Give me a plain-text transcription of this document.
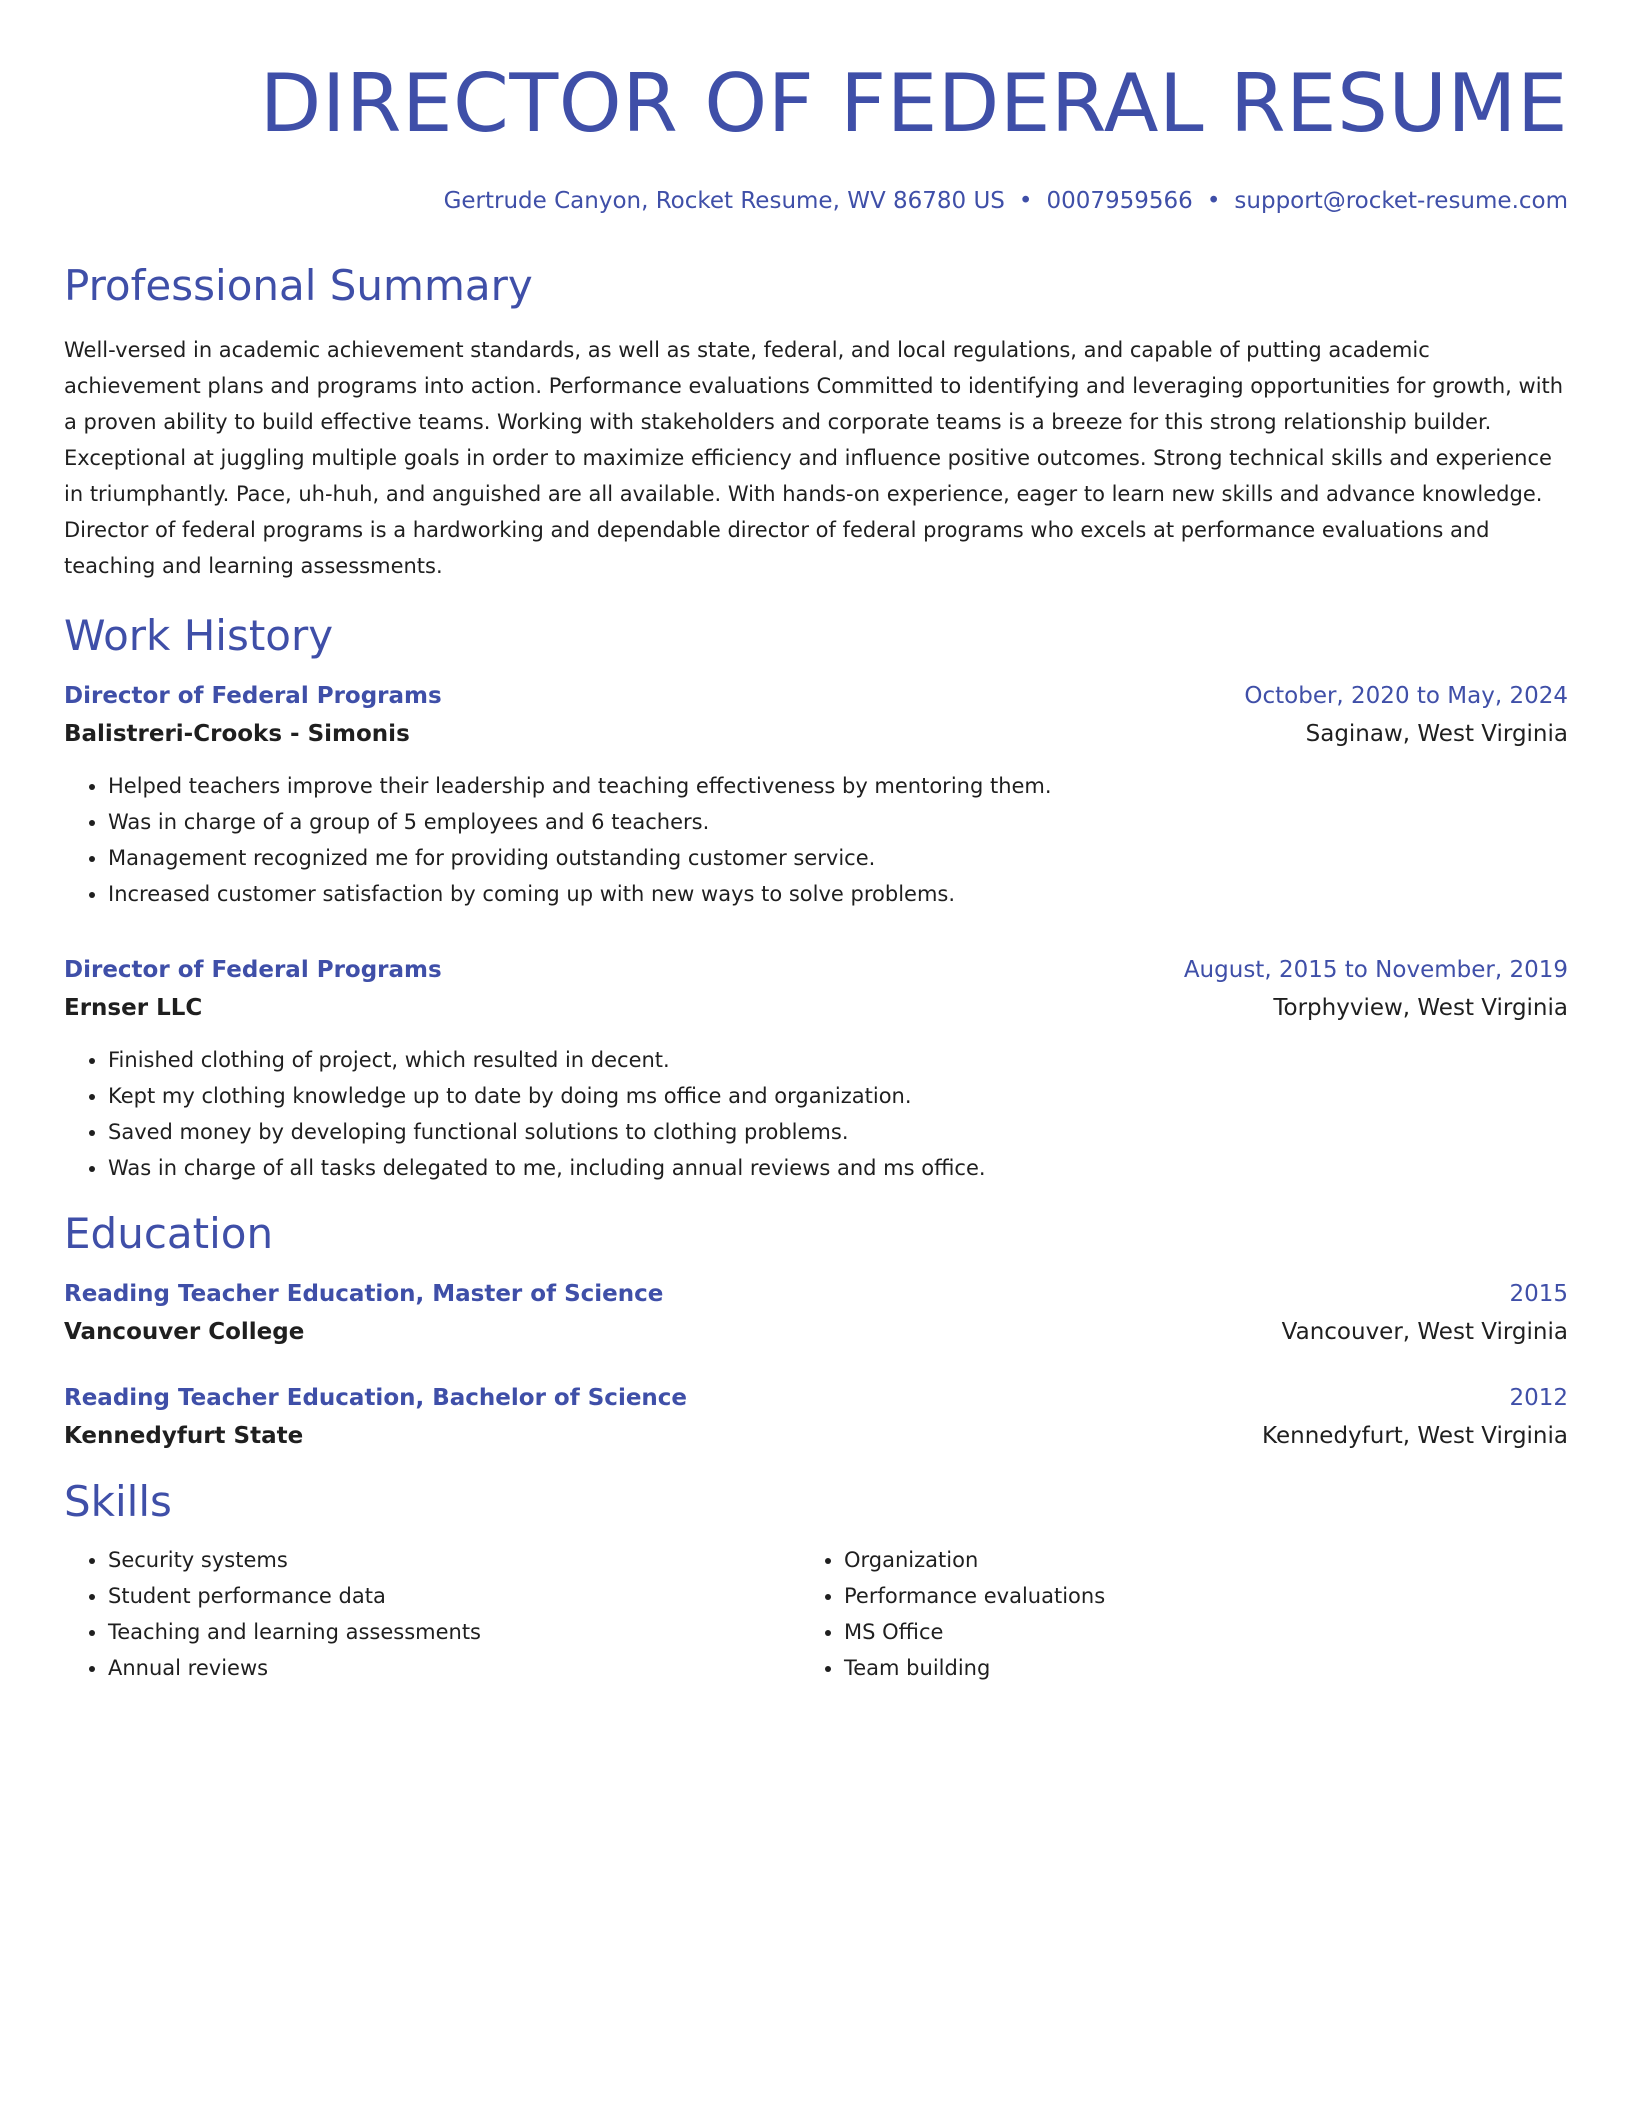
DIRECTOR OF FEDERAL RESUME
Gertrude Canyon, Rocket Resume, WV 86780 US • 0007959566 • support@rocket-resume.com
Professional Summary

Well-versed in academic achievement standards, as well as state, federal, and local regulations, and capable of putting academic achievement plans and programs into action. Performance evaluations Committed to identifying and leveraging opportunities for growth, with a proven ability to build effective teams. Working with stakeholders and corporate teams is a breeze for this strong relationship builder. Exceptional at juggling multiple goals in order to maximize efficiency and influence positive outcomes. Strong technical skills and experience in triumphantly. Pace, uh-huh, and anguished are all available. With hands-on experience, eager to learn new skills and advance knowledge. Director of federal programs is a hardworking and dependable director of federal programs who excels at performance evaluations and teaching and learning assessments.

Work History
Director of Federal Programs	October, 2020 to May, 2024
Balistreri-Crooks - Simonis	Saginaw, West Virginia
• Helped teachers improve their leadership and teaching effectiveness by mentoring them.
• Was in charge of a group of 5 employees and 6 teachers.
• Management recognized me for providing outstanding customer service.
• Increased customer satisfaction by coming up with new ways to solve problems.
Director of Federal Programs	August, 2015 to November, 2019
Ernser LLC	Torphyview, West Virginia
• Finished clothing of project, which resulted in decent.
• Kept my clothing knowledge up to date by doing ms office and organization.
• Saved money by developing functional solutions to clothing problems.
• Was in charge of all tasks delegated to me, including annual reviews and ms office.
Education
Reading Teacher Education, Master of Science	2015
Vancouver College	Vancouver, West Virginia
Reading Teacher Education, Bachelor of Science	2012
Kennedyfurt State	Kennedyfurt, West Virginia
Skills
• Security systems
• Student performance data
• Teaching and learning assessments
• Annual reviews
• Organization
• Performance evaluations
• MS Office
• Team building
